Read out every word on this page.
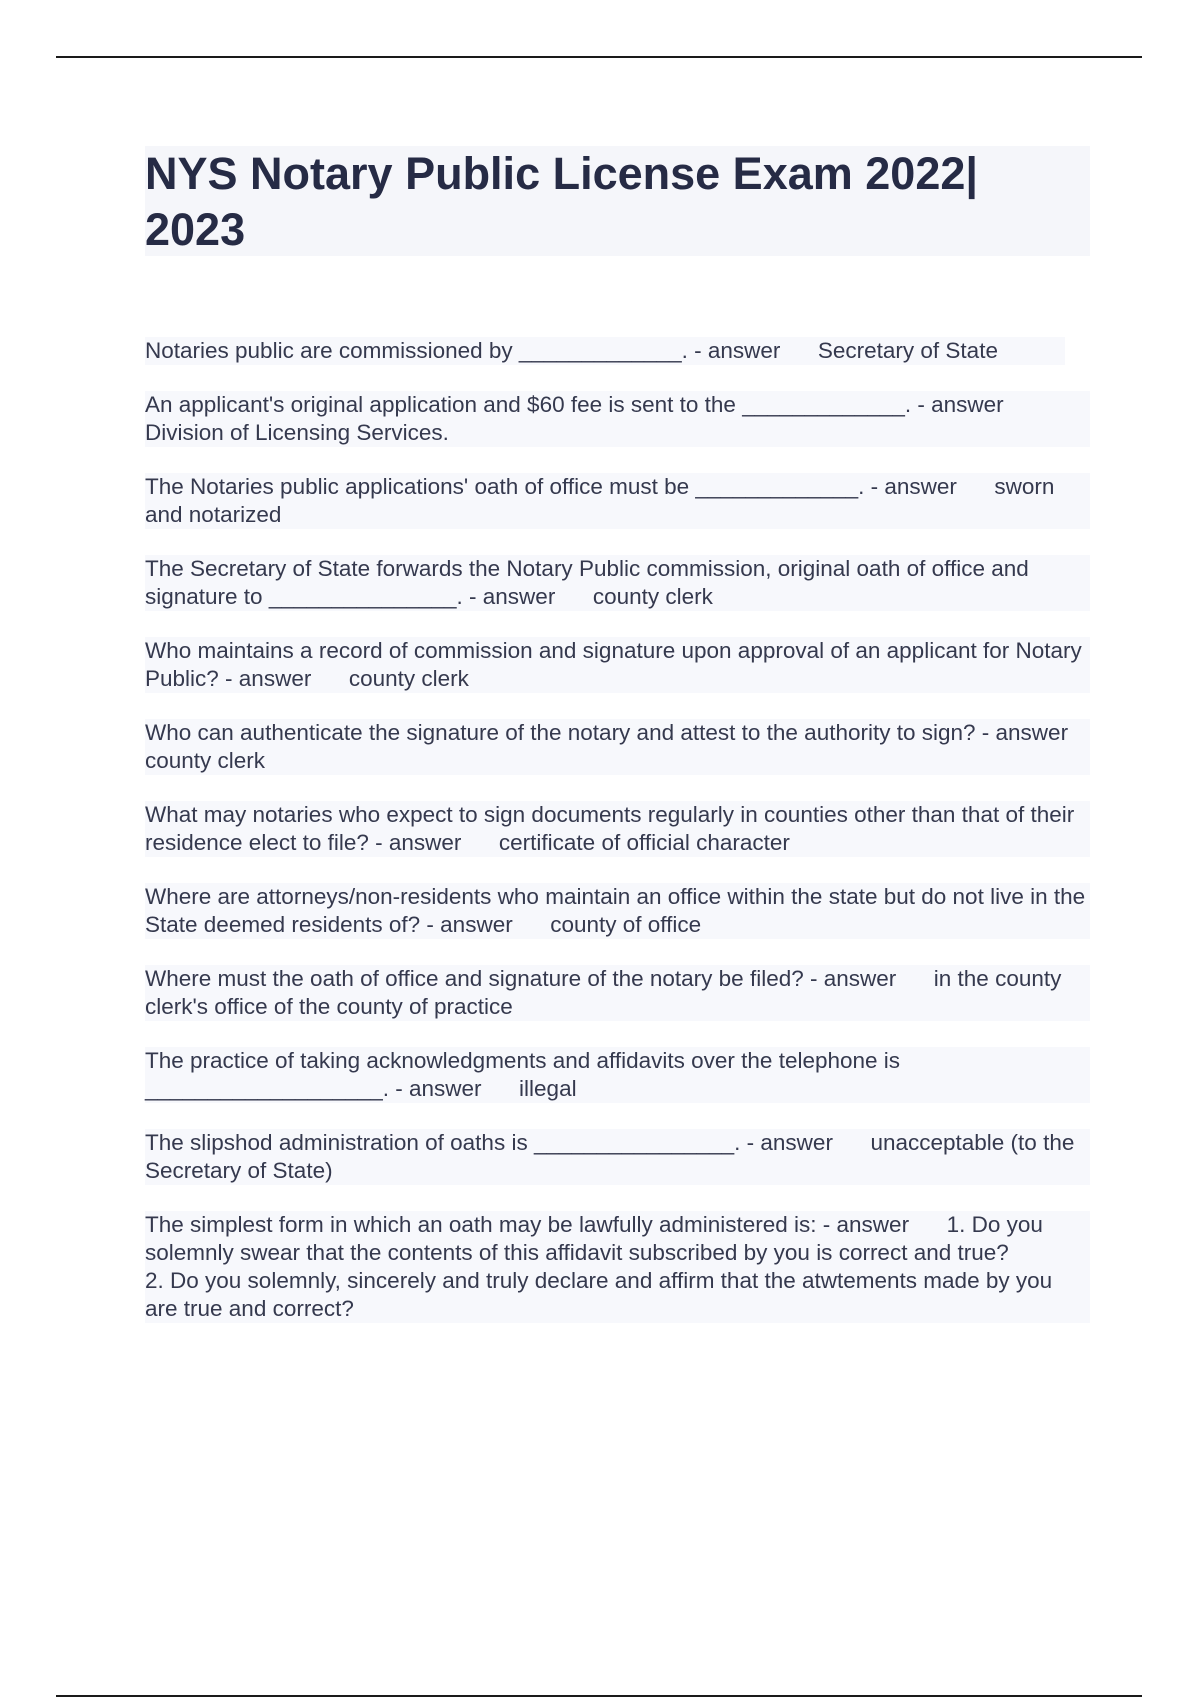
NYS Notary Public License Exam 2022| 2023
Notaries public are commissioned by _____________. - answer      Secretary of State
An applicant's original application and $60 fee is sent to the _____________. - answer      Division of Licensing Services.
The Notaries public applications' oath of office must be _____________. - answer      sworn and notarized
The Secretary of State forwards the Notary Public commission, original oath of office and signature to _______________. - answer      county clerk
Who maintains a record of commission and signature upon approval of an applicant for Notary Public? - answer      county clerk
Who can authenticate the signature of the notary and attest to the authority to sign? - answer      county clerk
What may notaries who expect to sign documents regularly in counties other than that of their residence elect to file? - answer      certificate of official character
Where are attorneys/non-residents who maintain an office within the state but do not live in the State deemed residents of? - answer      county of office
Where must the oath of office and signature of the notary be filed? - answer      in the county clerk's office of the county of practice
The practice of taking acknowledgments and affidavits over the telephone is ___________________. - answer      illegal
The slipshod administration of oaths is ________________. - answer      unacceptable (to the Secretary of State)
The simplest form in which an oath may be lawfully administered is: - answer      1. Do you solemnly swear that the contents of this affidavit subscribed by you is correct and true?
2. Do you solemnly, sincerely and truly declare and affirm that the atwtements made by you are true and correct?
